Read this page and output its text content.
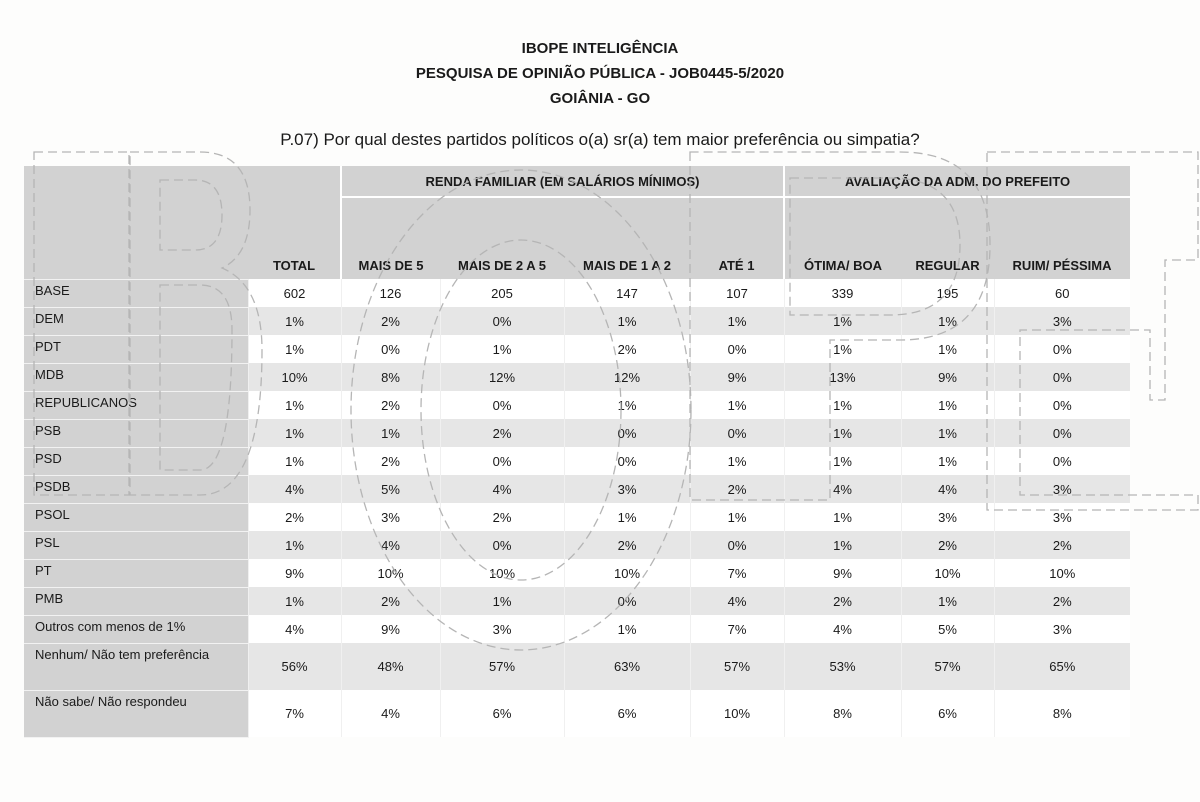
IBOPE INTELIGÊNCIA
PESQUISA DE OPINIÃO PÚBLICA - JOB0445-5/2020
GOIÂNIA - GO
P.07) Por qual destes partidos políticos o(a) sr(a) tem maior preferência ou simpatia?
		RENDA FAMILIAR (EM SALÁRIOS MÍNIMOS)				AVALIAÇÃO DA ADM. DO PREFEITO		
	TOTAL	MAIS DE 5	MAIS DE 2 A 5	MAIS DE 1 A 2	ATÉ 1	ÓTIMA/ BOA	REGULAR	RUIM/ PÉSSIMA
BASE	602	126	205	147	107	339	195	60
DEM	1%	2%	0%	1%	1%	1%	1%	3%
PDT	1%	0%	1%	2%	0%	1%	1%	0%
MDB	10%	8%	12%	12%	9%	13%	9%	0%
REPUBLICANOS	1%	2%	0%	1%	1%	1%	1%	0%
PSB	1%	1%	2%	0%	0%	1%	1%	0%
PSD	1%	2%	0%	0%	1%	1%	1%	0%
PSDB	4%	5%	4%	3%	2%	4%	4%	3%
PSOL	2%	3%	2%	1%	1%	1%	3%	3%
PSL	1%	4%	0%	2%	0%	1%	2%	2%
PT	9%	10%	10%	10%	7%	9%	10%	10%
PMB	1%	2%	1%	0%	4%	2%	1%	2%
Outros com menos de 1%	4%	9%	3%	1%	7%	4%	5%	3%
Nenhum/ Não tem preferência	56%	48%	57%	63%	57%	53%	57%	65%
Não sabe/ Não respondeu	7%	4%	6%	6%	10%	8%	6%	8%
